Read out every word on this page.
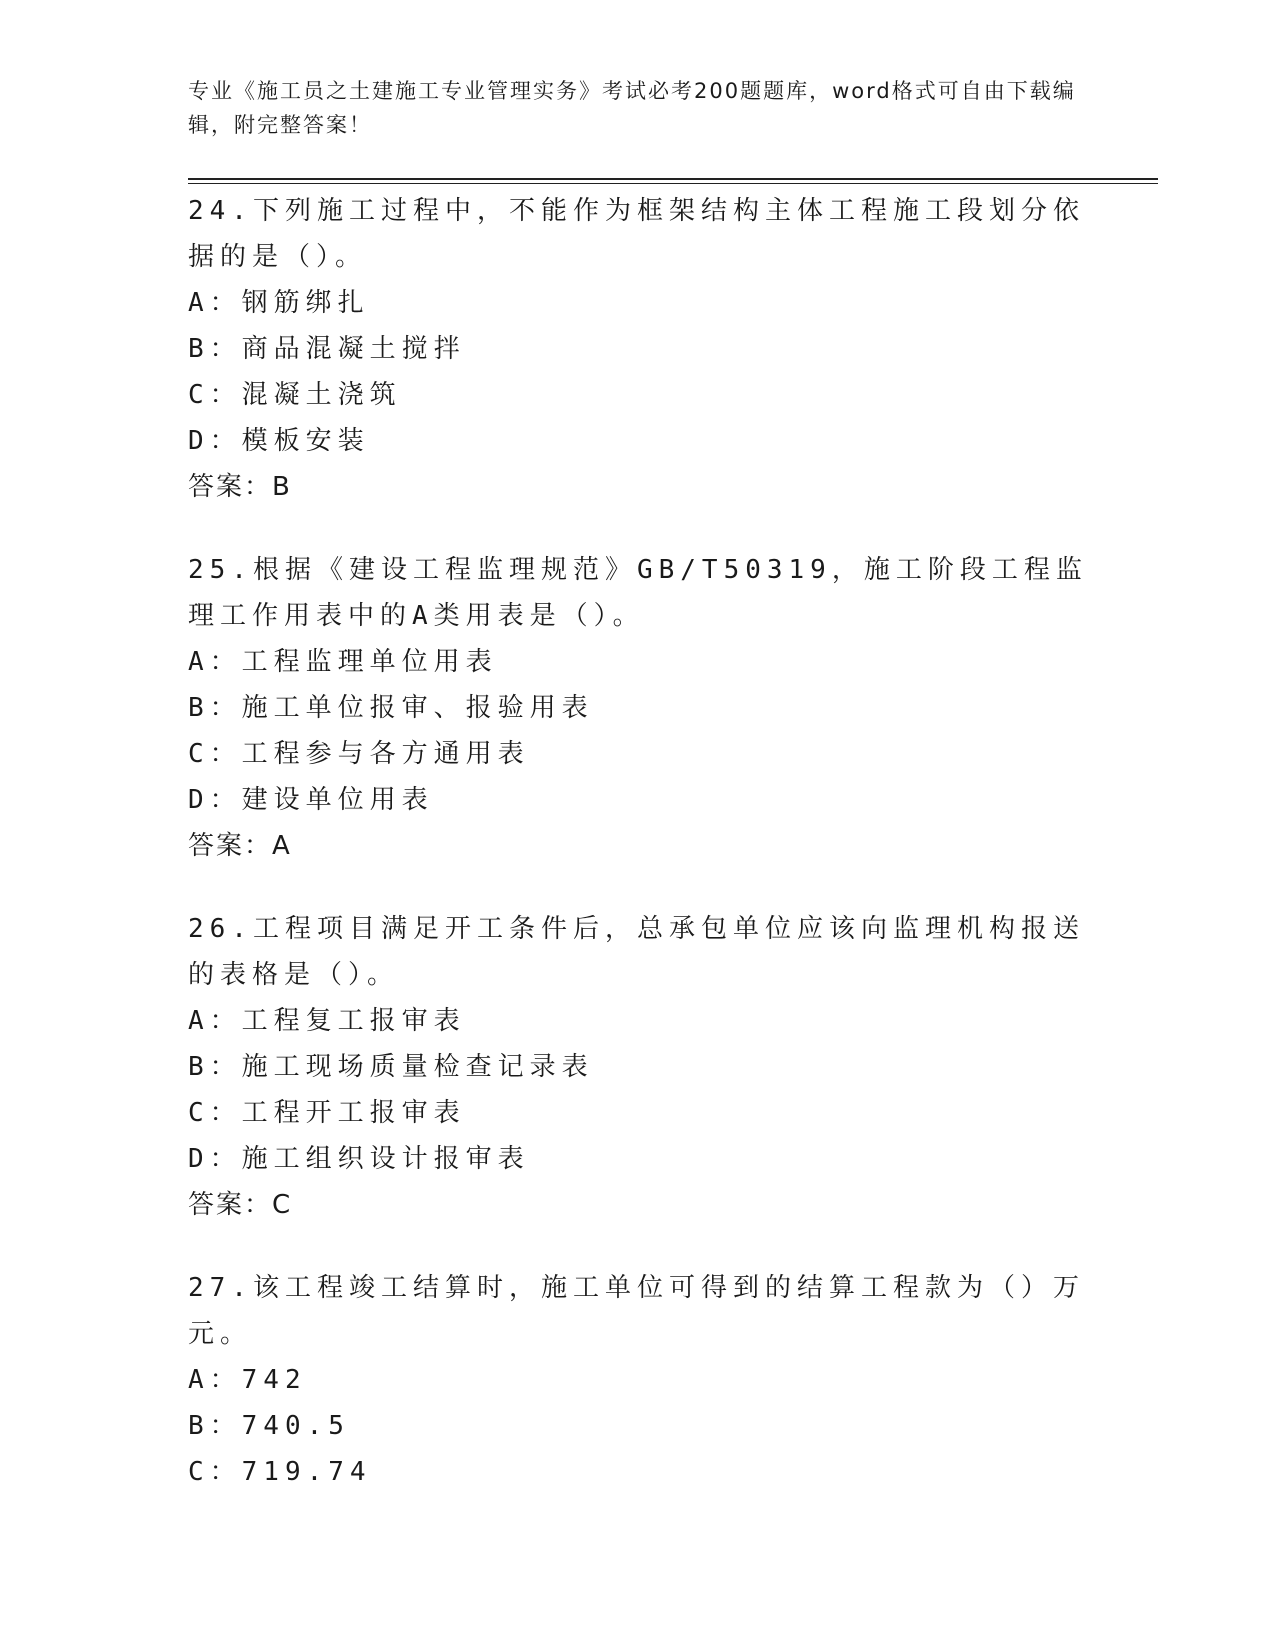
专业《施工员之土建施工专业管理实务》考试必考200题题库，word格式可自由下载编辑，附完整答案！

24.下列施工过程中，不能作为框架结构主体工程施工段划分依据的是（）。

A：钢筋绑扎
B：商品混凝土搅拌
C：混凝土浇筑
D：模板安装
答案：B

25.根据《建设工程监理规范》GB/T50319，施工阶段工程监理工作用表中的A类用表是（）。

A：工程监理单位用表
B：施工单位报审、报验用表
C：工程参与各方通用表
D：建设单位用表
答案：A

26.工程项目满足开工条件后，总承包单位应该向监理机构报送的表格是（）。

A：工程复工报审表
B：施工现场质量检查记录表
C：工程开工报审表
D：施工组织设计报审表
答案：C

27.该工程竣工结算时，施工单位可得到的结算工程款为（）万元。

A：742
B：740.5
C：719.74
